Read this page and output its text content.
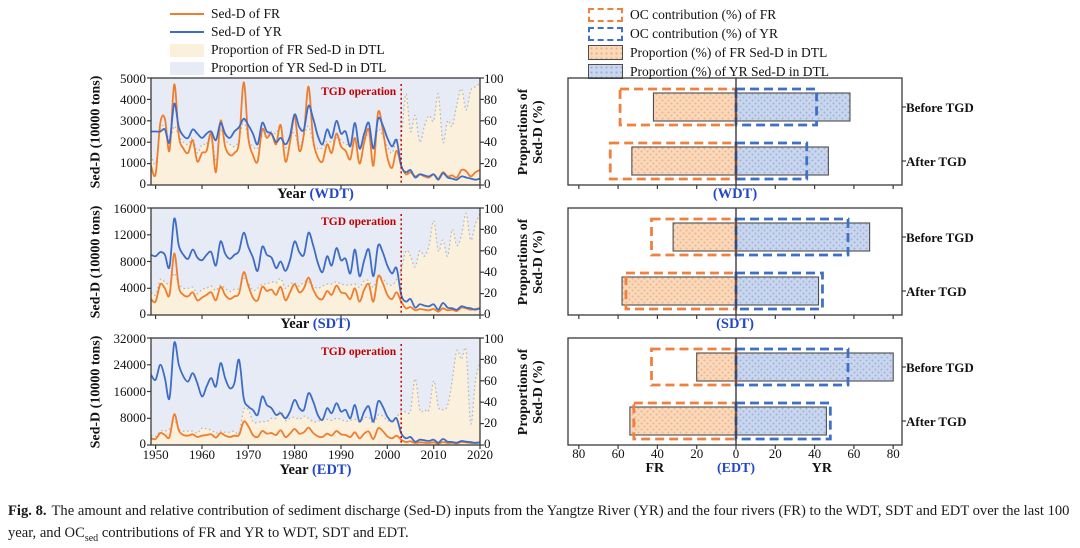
Sed-D of FR
Sed-D of YR
Proportion of FR Sed-D in DTL
Proportion of YR Sed-D in DTL
OC contribution (%) of FR
OC contribution (%) of YR
Proportion (%) of FR Sed-D in DTL
Proportion (%) of YR Sed-D in DTL
5000
4000
3000
2000
1000
0
Sed-D (10000 tons)	TGD operation
100
80
60
40
20
0
Proportions of Sed-D (%)
Year (WDT)
16000
12000
8000
4000
0
Sed-D (10000 tons)	TGD operation
100
80
60
40
20
0
Proportions of Sed-D (%)
Year (SDT)
32000
24000
16000
8000
0
Sed-D (10000 tons)	TGD operation
100
80
60
40
20
0
Proportions of Sed-D (%)
1950 1960 1970 1980 1990 2000 2010 2020
Year (EDT)
Before TGD
After TGD
(WDT)
Before TGD
After TGD
(SDT)
Before TGD
After TGD
80 60 40 20 0 20 40 60 80
FR	(EDT)	YR
Fig. 8. The amount and relative contribution of sediment discharge (Sed-D) inputs from the Yangtze River (YR) and the four rivers (FR) to the WDT, SDT and EDT over the last 100 year, and $OC_{sed}$ contributions of FR and YR to WDT, SDT and EDT.
